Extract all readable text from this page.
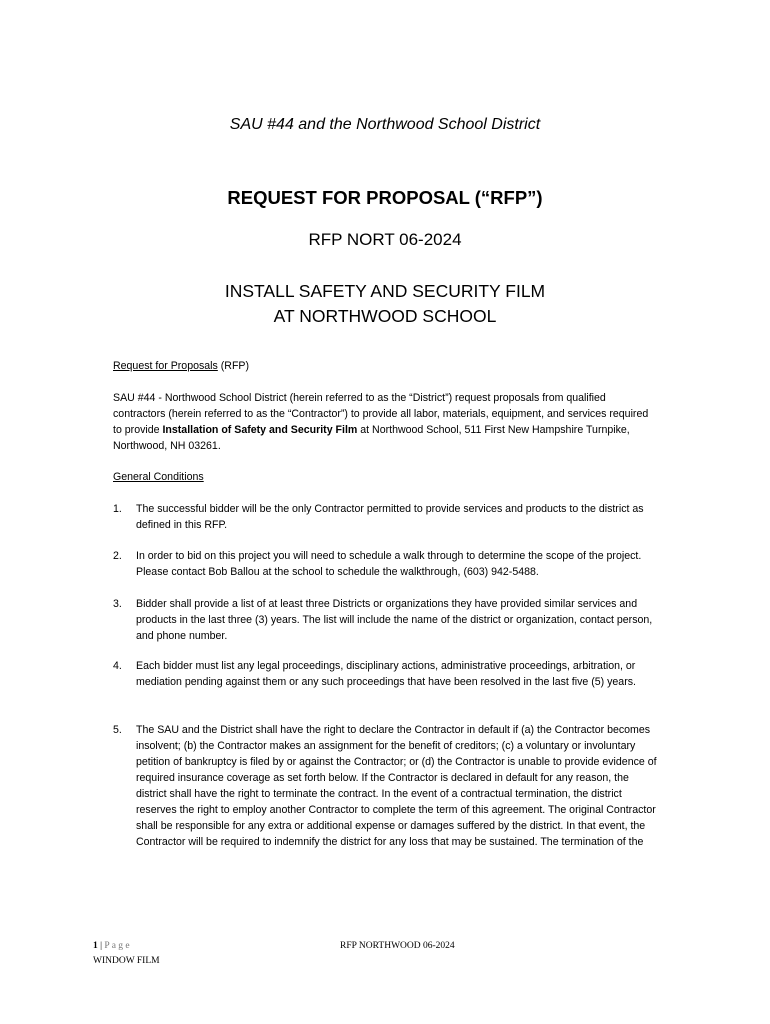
SAU #44 and the Northwood School District

REQUEST FOR PROPOSAL (“RFP”)

RFP NORT 06-2024

INSTALL SAFETY AND SECURITY FILM
AT NORTHWOOD SCHOOL

Request for Proposals (RFP)

SAU #44 - Northwood School District (herein referred to as the “District”) request proposals from qualified contractors (herein referred to as the “Contractor”) to provide all labor, materials, equipment, and services required to provide Installation of Safety and Security Film at Northwood School, 511 First New Hampshire Turnpike, Northwood, NH 03261.

General Conditions

1. The successful bidder will be the only Contractor permitted to provide services and products to the district as defined in this RFP.
2. In order to bid on this project you will need to schedule a walk through to determine the scope of the project. Please contact Bob Ballou at the school to schedule the walkthrough, (603) 942-5488.
3. Bidder shall provide a list of at least three Districts or organizations they have provided similar services and products in the last three (3) years. The list will include the name of the district or organization, contact person, and phone number.
4. Each bidder must list any legal proceedings, disciplinary actions, administrative proceedings, arbitration, or mediation pending against them or any such proceedings that have been resolved in the last five (5) years.
5. The SAU and the District shall have the right to declare the Contractor in default if (a) the Contractor becomes insolvent; (b) the Contractor makes an assignment for the benefit of creditors; (c) a voluntary or involuntary petition of bankruptcy is filed by or against the Contractor; or (d) the Contractor is unable to provide evidence of required insurance coverage as set forth below. If the Contractor is declared in default for any reason, the district shall have the right to terminate the contract. In the event of a contractual termination, the district reserves the right to employ another Contractor to complete the term of this agreement. The original Contractor shall be responsible for any extra or additional expense or damages suffered by the district. In that event, the Contractor will be required to indemnify the district for any loss that may be sustained. The termination of the

1 | P a g e

WINDOW FILM

RFP NORTHWOOD 06-2024
